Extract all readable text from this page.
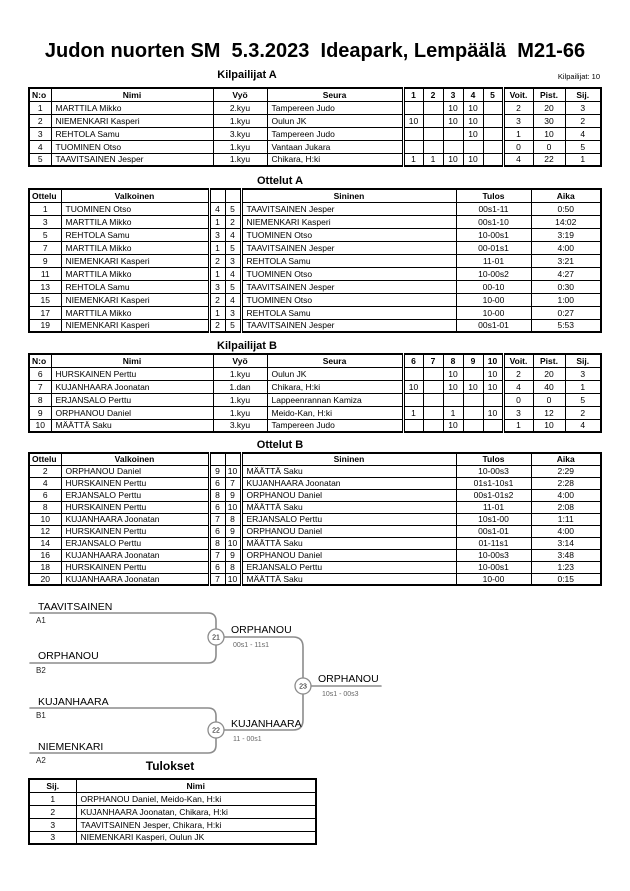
Judon nuorten SM  5.3.2023  Ideapark, Lempäälä  M21-66
Kilpailijat A	Kilpailijat: 10
N:o	Nimi	Vyö	Seura	1	2	3	4	5	Voit.	Pist.	Sij.
1	MARTTILA Mikko	2.kyu	Tampereen Judo			10	10		2	20	3
2	NIEMENKARI Kasperi	1.kyu	Oulun JK	10		10	10		3	30	2
3	REHTOLA Samu	3.kyu	Tampereen Judo				10		1	10	4
4	TUOMINEN Otso	1.kyu	Vantaan Jukara						0	0	5
5	TAAVITSAINEN Jesper	1.kyu	Chikara, H:ki	1	1	10	10		4	22	1
Ottelut A
Ottelu	Valkoinen			Sininen	Tulos	Aika
1	TUOMINEN Otso	4	5	TAAVITSAINEN Jesper	00s1-11	0:50
3	MARTTILA Mikko	1	2	NIEMENKARI Kasperi	00s1-10	14:02
5	REHTOLA Samu	3	4	TUOMINEN Otso	10-00s1	3:19
7	MARTTILA Mikko	1	5	TAAVITSAINEN Jesper	00-01s1	4:00
9	NIEMENKARI Kasperi	2	3	REHTOLA Samu	11-01	3:21
11	MARTTILA Mikko	1	4	TUOMINEN Otso	10-00s2	4:27
13	REHTOLA Samu	3	5	TAAVITSAINEN Jesper	00-10	0:30
15	NIEMENKARI Kasperi	2	4	TUOMINEN Otso	10-00	1:00
17	MARTTILA Mikko	1	3	REHTOLA Samu	10-00	0:27
19	NIEMENKARI Kasperi	2	5	TAAVITSAINEN Jesper	00s1-01	5:53
Kilpailijat B
N:o	Nimi	Vyö	Seura	6	7	8	9	10	Voit.	Pist.	Sij.
6	HURSKAINEN Perttu	1.kyu	Oulun JK			10		10	2	20	3
7	KUJANHAARA Joonatan	1.dan	Chikara, H:ki	10		10	10	10	4	40	1
8	ERJANSALO Perttu	1.kyu	Lappeenrannan Kamiza						0	0	5
9	ORPHANOU Daniel	1.kyu	Meido-Kan, H:ki	1		1		10	3	12	2
10	MÄÄTTÄ Saku	3.kyu	Tampereen Judo			10			1	10	4
Ottelut B
Ottelu	Valkoinen			Sininen	Tulos	Aika
2	ORPHANOU Daniel	9	10	MÄÄTTÄ Saku	10-00s3	2:29
4	HURSKAINEN Perttu	6	7	KUJANHAARA Joonatan	01s1-10s1	2:28
6	ERJANSALO Perttu	8	9	ORPHANOU Daniel	00s1-01s2	4:00
8	HURSKAINEN Perttu	6	10	MÄÄTTÄ Saku	11-01	2:08
10	KUJANHAARA Joonatan	7	8	ERJANSALO Perttu	10s1-00	1:11
12	HURSKAINEN Perttu	6	9	ORPHANOU Daniel	00s1-01	4:00
14	ERJANSALO Perttu	8	10	MÄÄTTÄ Saku	01-11s1	3:14
16	KUJANHAARA Joonatan	7	9	ORPHANOU Daniel	10-00s3	3:48
18	HURSKAINEN Perttu	6	8	ERJANSALO Perttu	10-00s1	1:23
20	KUJANHAARA Joonatan	7	10	MÄÄTTÄ Saku	10-00	0:15
21
22
23
TAAVITSAINEN
A1
ORPHANOU
B2
KUJANHAARA
B1
NIEMENKARI
A2
ORPHANOU
00s1 - 11s1
KUJANHAARA
11 - 00s1
ORPHANOU
10s1 - 00s3
Tulokset
Sij.	Nimi
1	ORPHANOU Daniel, Meido-Kan, H:ki
2	KUJANHAARA Joonatan, Chikara, H:ki
3	TAAVITSAINEN Jesper, Chikara, H:ki
3	NIEMENKARI Kasperi, Oulun JK
